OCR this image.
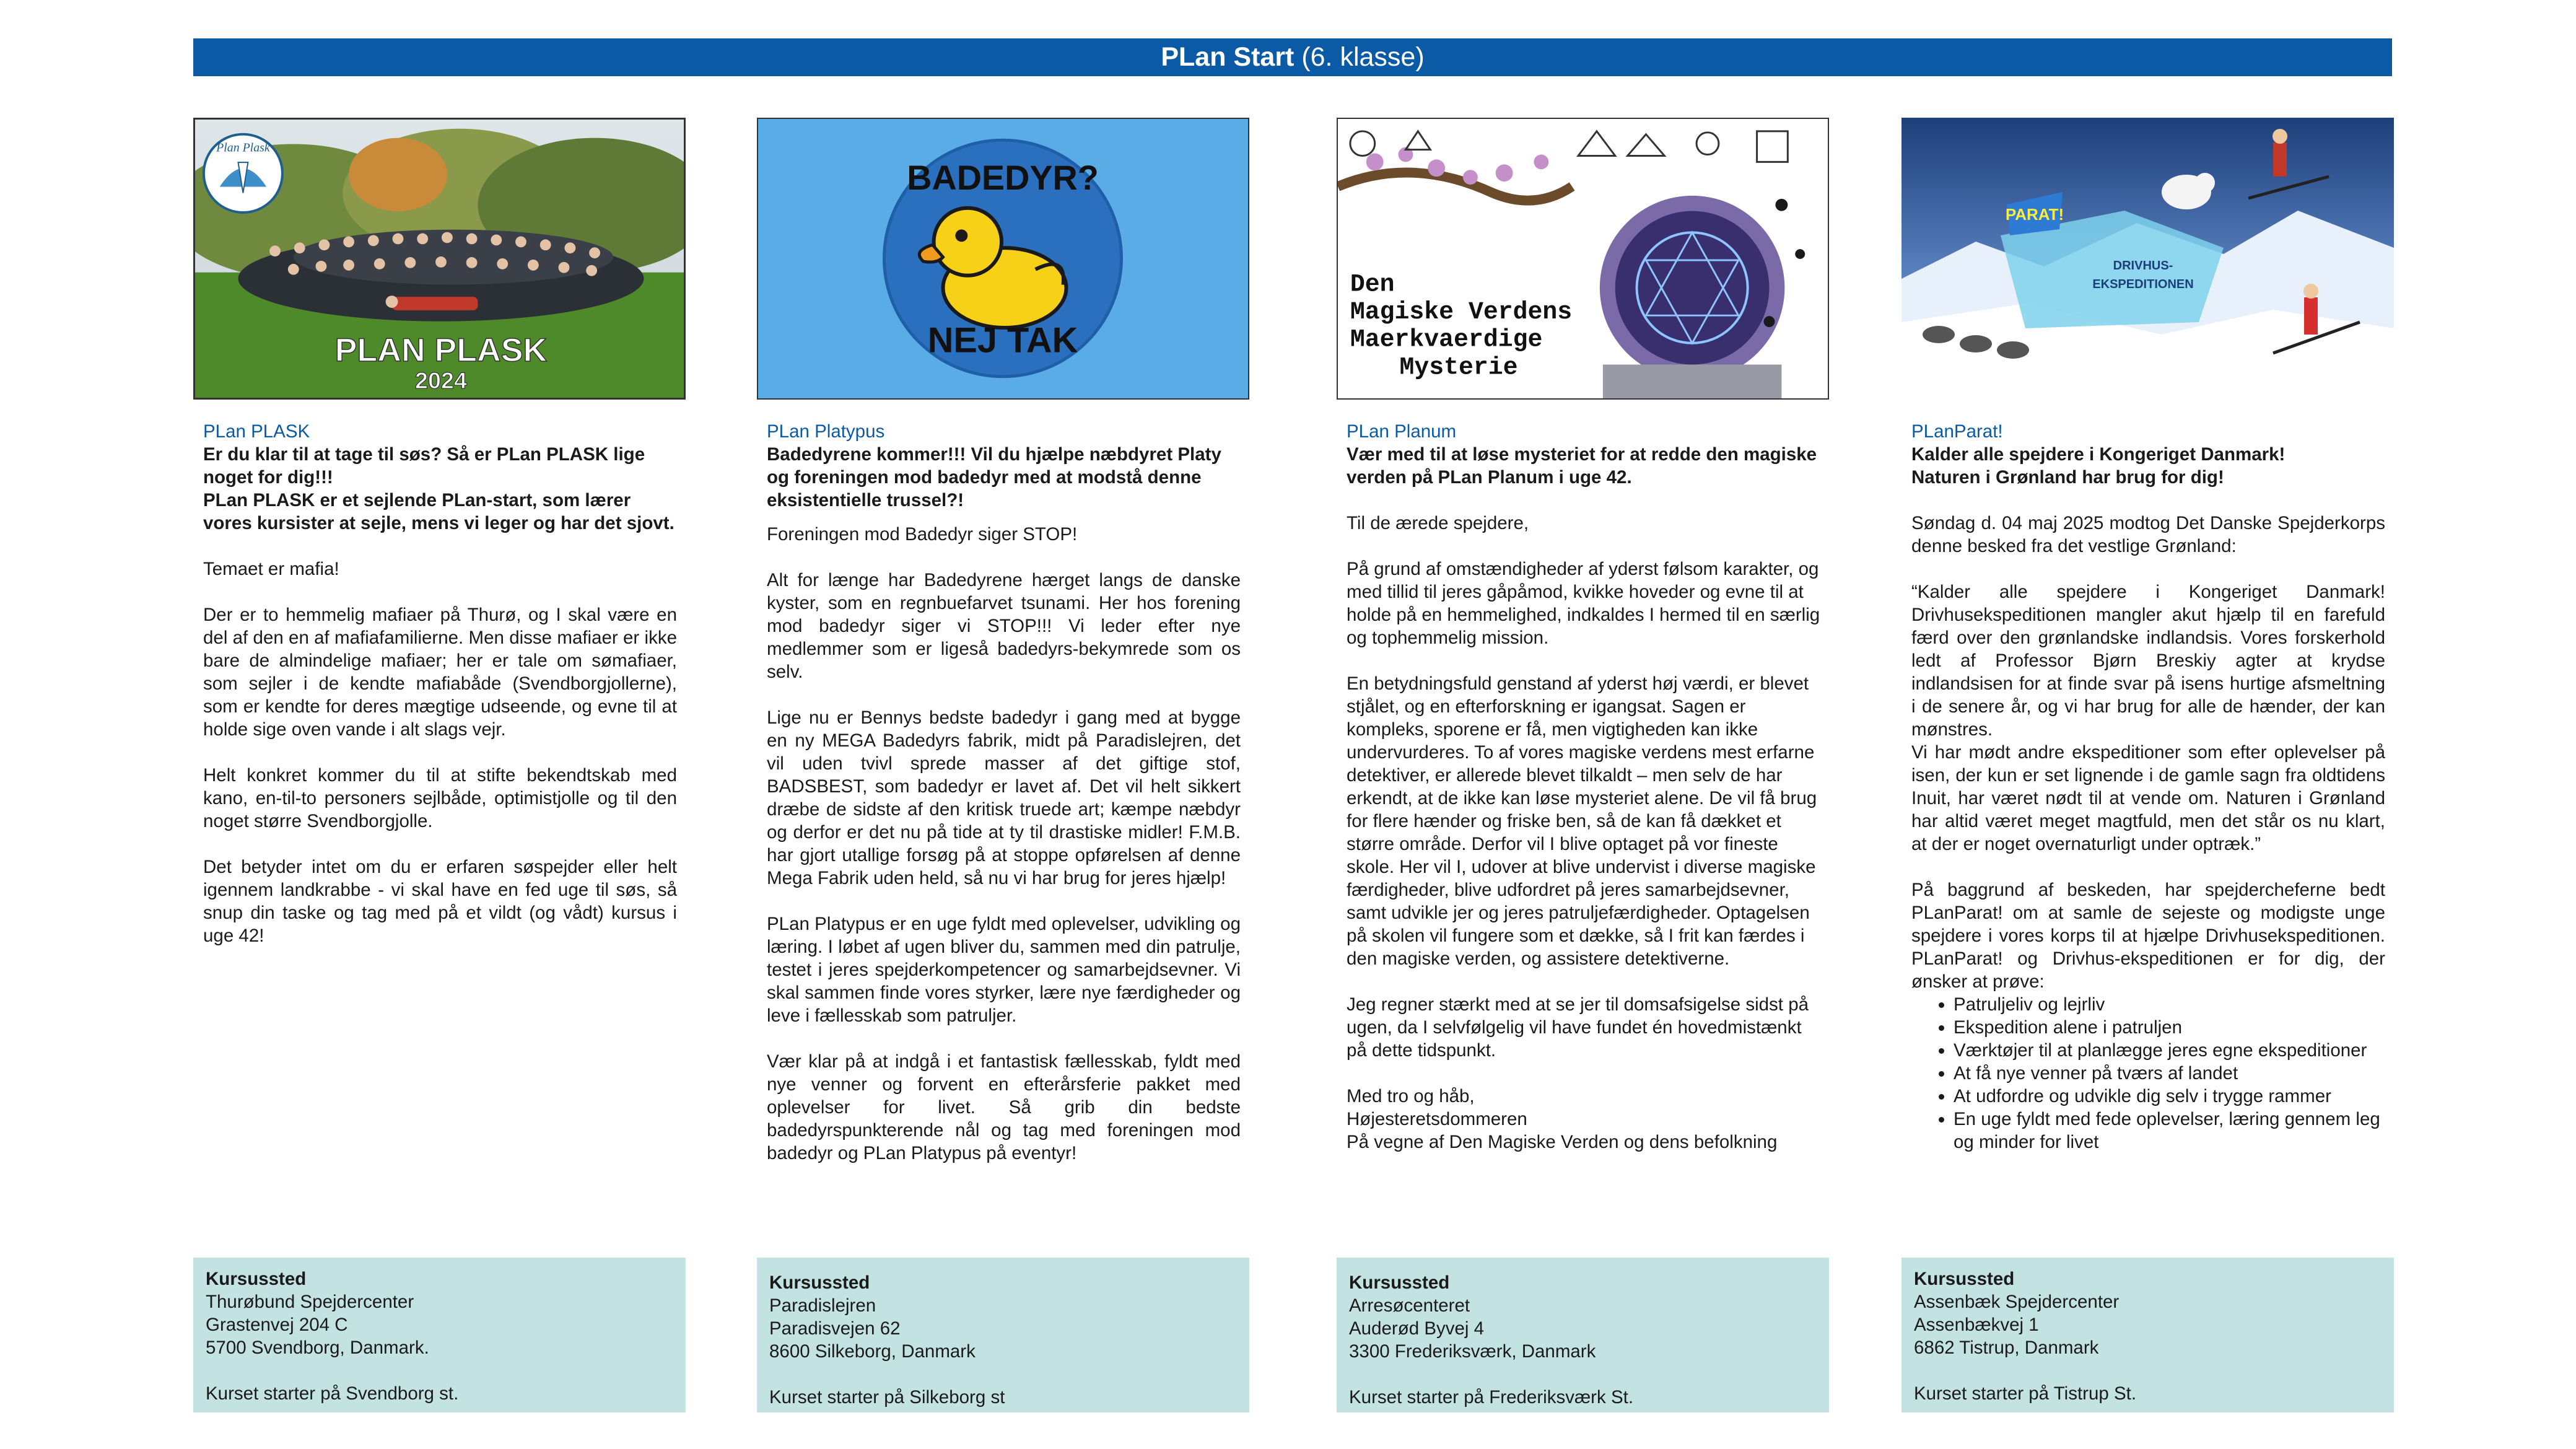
PLan Start (6. klasse)
Plan Plask
PLAN PLASK
2024
PLan PLASK
Er du klar til at tage til søs? Så er PLan PLASK lige noget for dig!!!
PLan PLASK er et sejlende PLan-start, som lærer vores kursister at sejle, mens vi leger og har det sjovt.

Temaet er mafia!

Der er to hemmelig mafiaer på Thurø, og I skal være en del af den en af mafiafamilierne. Men disse mafiaer er ikke bare de almindelige mafiaer; her er tale om sømafiaer, som sejler i de kendte mafiabåde (Svendborgjollerne), som er kendte for deres mægtige udseende, og evne til at holde sige oven vande i alt slags vejr.

Helt konkret kommer du til at stifte bekendtskab med kano, en-til-to personers sejlbåde, optimistjolle og til den noget større Svendborgjolle.

Det betyder intet om du er erfaren søspejder eller helt igennem landkrabbe - vi skal have en fed uge til søs, så snup din taske og tag med på et vildt (og vådt) kursus i uge 42!

Kursussted
Thurøbund Spejdercenter
Grastenvej 204 C
5700 Svendborg, Danmark.
Kurset starter på Svendborg st.
BADEDYR?
NEJ TAK
PLan Platypus
Badedyrene kommer!!! Vil du hjælpe næbdyret Platy og foreningen mod badedyr med at modstå denne eksistentielle trussel?!

Foreningen mod Badedyr siger STOP!

Alt for længe har Badedyrene hærget langs de danske kyster, som en regnbuefarvet tsunami. Her hos forening mod badedyr siger vi STOP!!! Vi leder efter nye medlemmer som er ligeså badedyrs-bekymrede som os selv.

Lige nu er Bennys bedste badedyr i gang med at bygge en ny MEGA Badedyrs fabrik, midt på Paradislejren, det vil uden tvivl sprede masser af det giftige stof, BADSBEST, som badedyr er lavet af. Det vil helt sikkert dræbe de sidste af den kritisk truede art; kæmpe næbdyr og derfor er det nu på tide at ty til drastiske midler! F.M.B. har gjort utallige forsøg på at stoppe opførelsen af denne Mega Fabrik uden held, så nu vi har brug for jeres hjælp!

PLan Platypus er en uge fyldt med oplevelser, udvikling og læring. I løbet af ugen bliver du, sammen med din patrulje, testet i jeres spejderkompetencer og samarbejdsevner. Vi skal sammen finde vores styrker, lære nye færdigheder og leve i fællesskab som patruljer.

Vær klar på at indgå i et fantastisk fællesskab, fyldt med nye venner og forvent en efterårsferie pakket med oplevelser for livet. Så grib din bedste badedyrspunkterende nål og tag med foreningen mod badedyr og PLan Platypus på eventyr!

Kursussted
Paradislejren
Paradisvejen 62
8600 Silkeborg, Danmark
Kurset starter på Silkeborg st
Den
Magiske Verdens
Maerkvaerdige
Mysterie
PLan Planum
Vær med til at løse mysteriet for at redde den magiske verden på PLan Planum i uge 42.

Til de ærede spejdere,

På grund af omstændigheder af yderst følsom karakter, og med tillid til jeres gåpåmod, kvikke hoveder og evne til at holde på en hemmelighed, indkaldes I hermed til en særlig og tophemmelig mission.

En betydningsfuld genstand af yderst høj værdi, er blevet stjålet, og en efterforskning er igangsat. Sagen er kompleks, sporene er få, men vigtigheden kan ikke undervurderes. To af vores magiske verdens mest erfarne detektiver, er allerede blevet tilkaldt – men selv de har erkendt, at de ikke kan løse mysteriet alene. De vil få brug for flere hænder og friske ben, så de kan få dækket et større område. Derfor vil I blive optaget på vor fineste skole. Her vil I, udover at blive undervist i diverse magiske færdigheder, blive udfordret på jeres samarbejdsevner, samt udvikle jer og jeres patruljefærdigheder. Optagelsen på skolen vil fungere som et dække, så I frit kan færdes i den magiske verden, og assistere detektiverne.

Jeg regner stærkt med at se jer til domsafsigelse sidst på ugen, da I selvfølgelig vil have fundet én hovedmistænkt på dette tidspunkt.

Med tro og håb,
Højesteretsdommeren
På vegne af Den Magiske Verden og dens befolkning

Kursussted
Arresøcenteret
Auderød Byvej 4
3300 Frederiksværk, Danmark
Kurset starter på Frederiksværk St.
PARAT!
DRIVHUS-
EKSPEDITIONEN
PLanParat!
Kalder alle spejdere i Kongeriget Danmark!
Naturen i Grønland har brug for dig!

Søndag d. 04 maj 2025 modtog Det Danske Spejderkorps denne besked fra det vestlige Grønland:

“Kalder alle spejdere i Kongeriget Danmark! Drivhusekspeditionen mangler akut hjælp til en farefuld færd over den grønlandske indlandsis. Vores forskerhold ledt af Professor Bjørn Breskiy agter at krydse indlandsisen for at finde svar på isens hurtige afsmeltning i de senere år, og vi har brug for alle de hænder, der kan mønstres.
Vi har mødt andre ekspeditioner som efter oplevelser på isen, der kun er set lignende i de gamle sagn fra oldtidens Inuit, har været nødt til at vende om. Naturen i Grønland har altid været meget magtfuld, men det står os nu klart, at der er noget overnaturligt under optræk.”

På baggrund af beskeden, har spejdercheferne bedt PLanParat! om at samle de sejeste og modigste unge spejdere i vores korps til at hjælpe Drivhusekspeditionen. PLanParat! og Drivhus-ekspeditionen er for dig, der ønsker at prøve:

• Patruljeliv og lejrliv
• Ekspedition alene i patruljen
• Værktøjer til at planlægge jeres egne ekspeditioner
• At få nye venner på tværs af landet
• At udfordre og udvikle dig selv i trygge rammer
• En uge fyldt med fede oplevelser, læring gennem leg og minder for livet
Kursussted
Assenbæk Spejdercenter
Assenbækvej 1
6862 Tistrup, Danmark
Kurset starter på Tistrup St.
